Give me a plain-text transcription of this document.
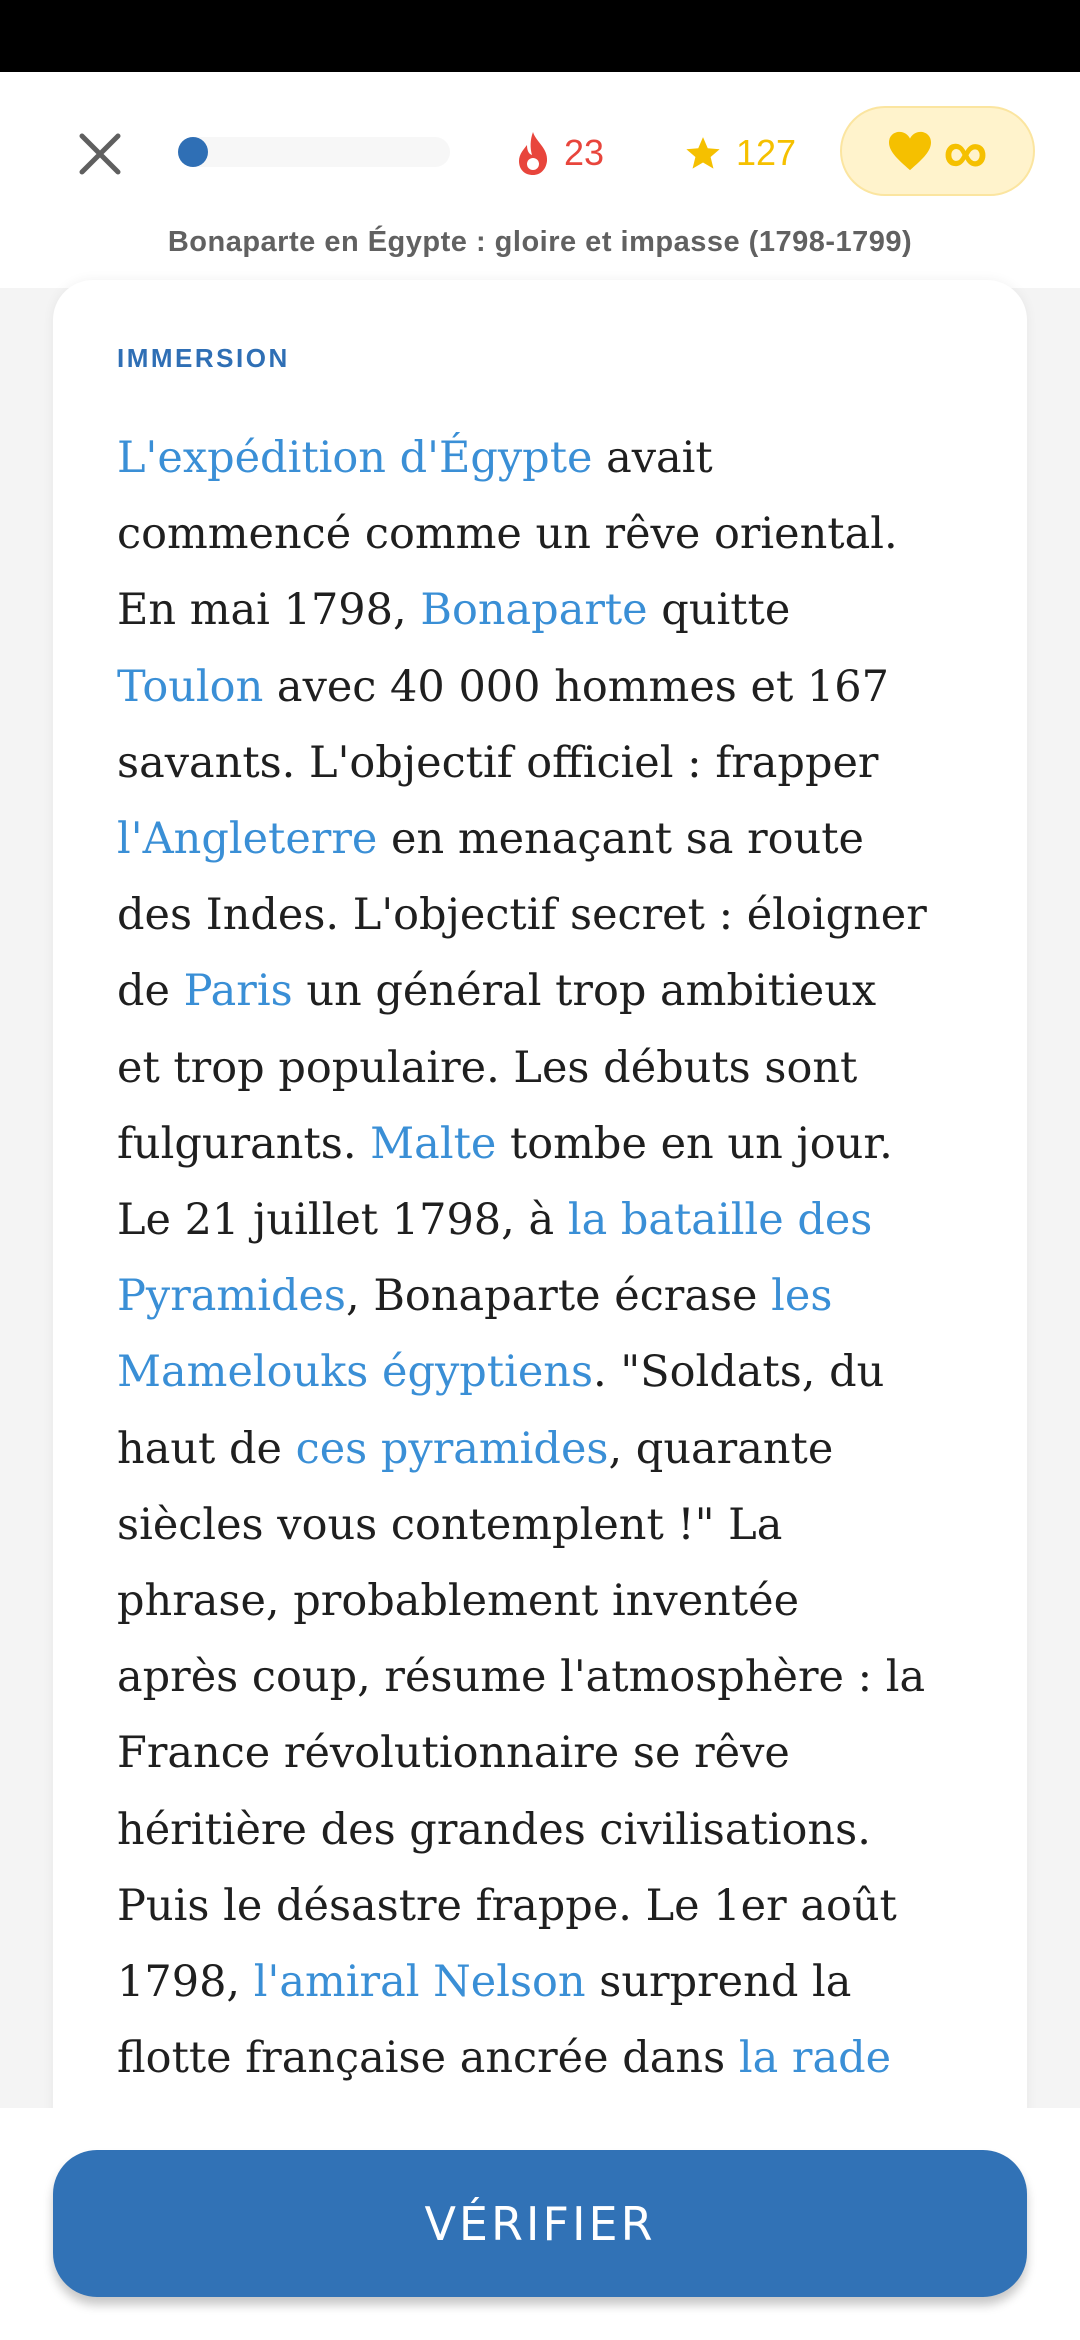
23	127 ∞
Bonaparte en Égypte : gloire et impasse (1798-1799)
IMMERSION
L'expédition d'Égypte avait
commencé comme un rêve oriental.
En mai 1798, Bonaparte quitte
Toulon avec 40 000 hommes et 167
savants. L'objectif officiel : frapper
l'Angleterre en menaçant sa route
des Indes. L'objectif secret : éloigner
de Paris un général trop ambitieux
et trop populaire. Les débuts sont
fulgurants. Malte tombe en un jour.
Le 21 juillet 1798, à la bataille des
Pyramides, Bonaparte écrase les
Mamelouks égyptiens. "Soldats, du
haut de ces pyramides, quarante
siècles vous contemplent !" La
phrase, probablement inventée
après coup, résume l'atmosphère : la
France révolutionnaire se rêve
héritière des grandes civilisations.
Puis le désastre frappe. Le 1er août
1798, l'amiral Nelson surprend la
flotte française ancrée dans la rade
VÉRIFIER
